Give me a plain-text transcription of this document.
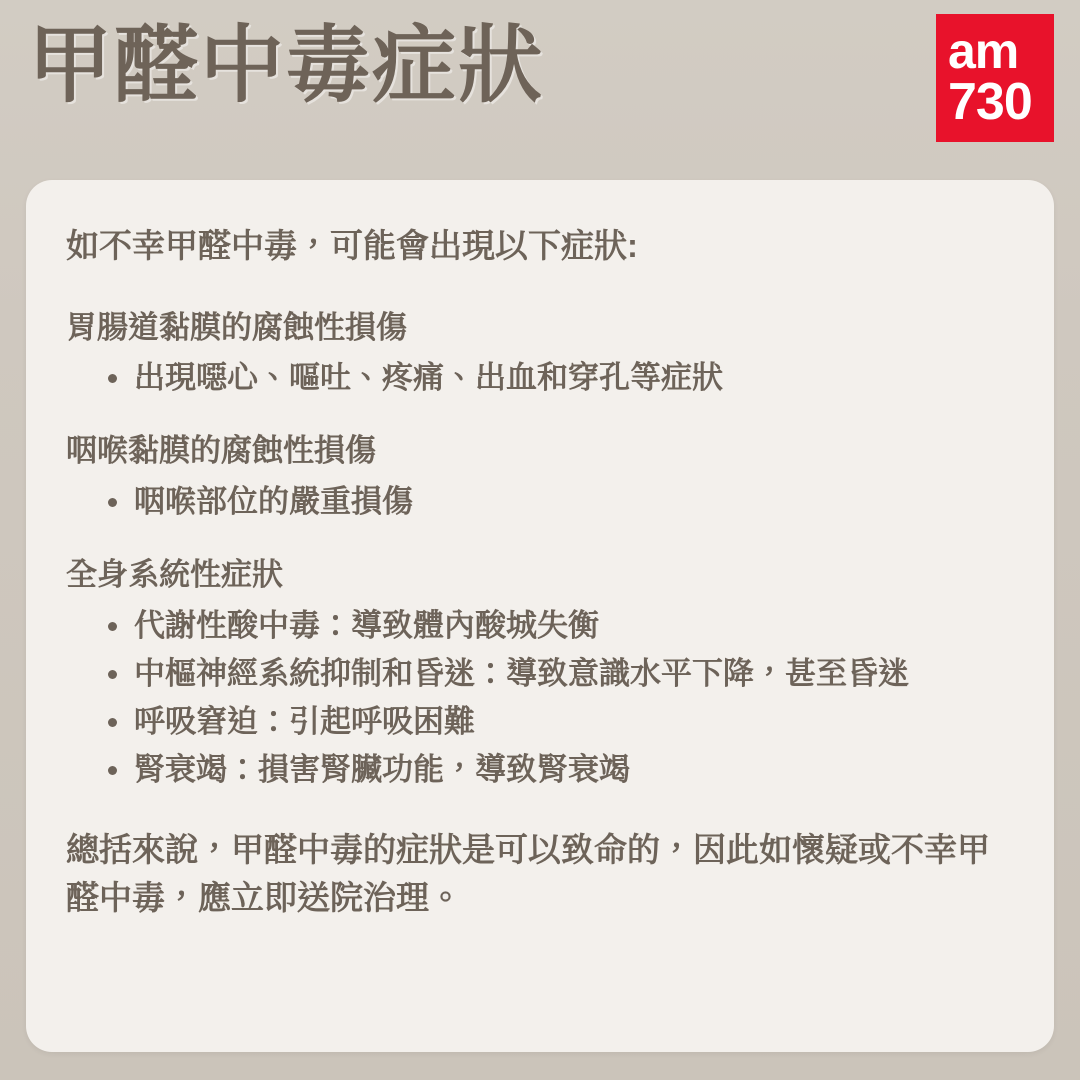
甲醛中毒症狀	am
730

如不幸甲醛中毒，可能會出現以下症狀:

胃腸道黏膜的腐蝕性損傷

出現噁心、嘔吐、疼痛、出血和穿孔等症狀

咽喉黏膜的腐蝕性損傷

咽喉部位的嚴重損傷

全身系統性症狀

代謝性酸中毒：導致體內酸城失衡
中樞神經系統抑制和昏迷：導致意識水平下降，甚至昏迷
呼吸窘迫：引起呼吸困難
腎衰竭：損害腎臟功能，導致腎衰竭

總括來說，甲醛中毒的症狀是可以致命的，因此如懷疑或不幸甲醛中毒，應立即送院治理。
